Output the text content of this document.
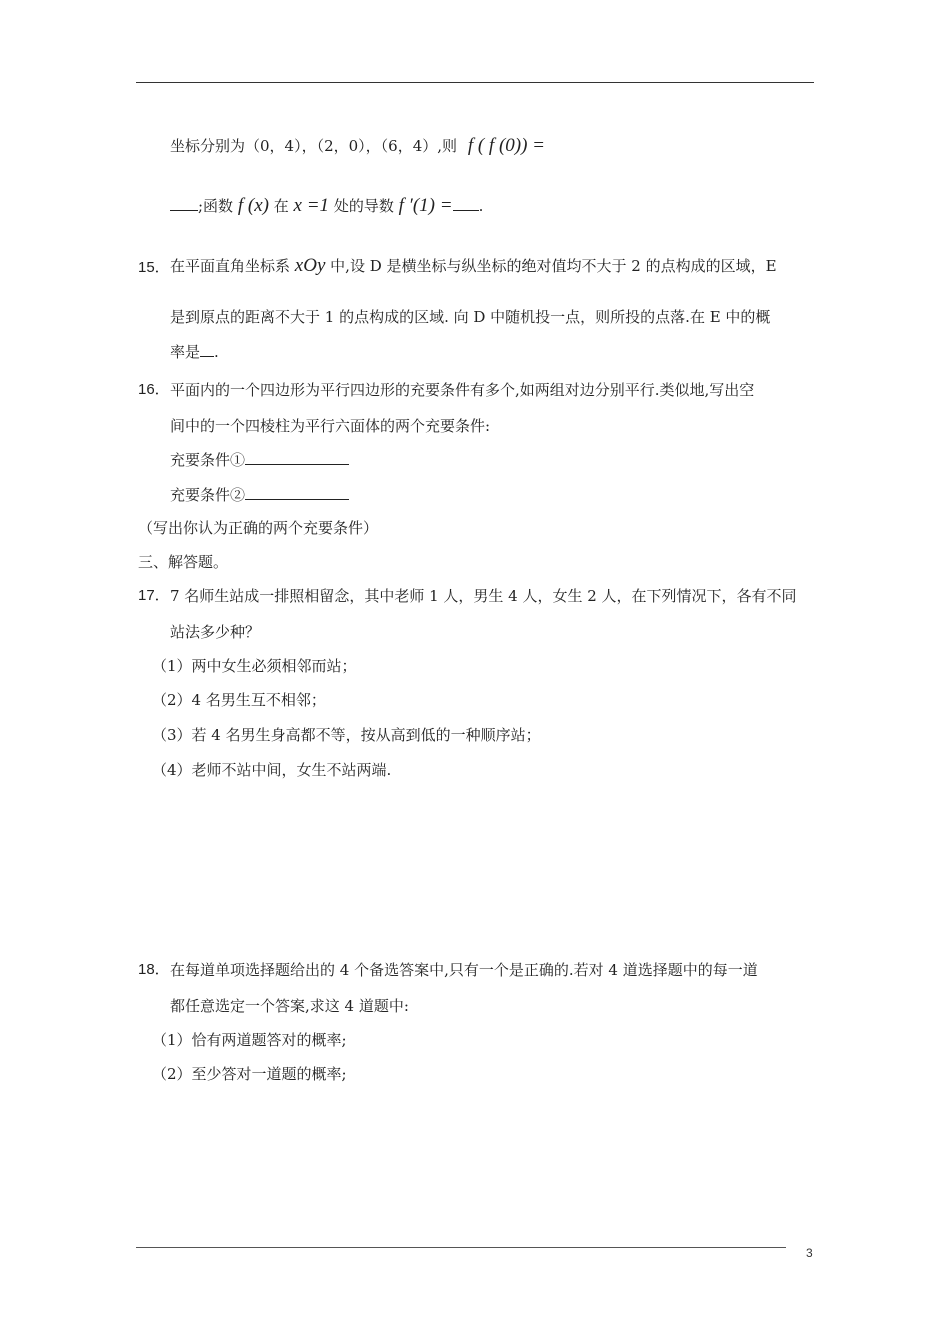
坐标分别为（0，4），（2，0），（6，4）,则 f ( f (0)) =
;函数 f (x) 在 x =1 处的导数 f ′(1) = .
15． 在平面直角坐标系 xOy 中,设 D 是横坐标与纵坐标的绝对值均不大于 2 的点构成的区域，E
是到原点的距离不大于 1 的点构成的区域. 向 D 中随机投一点，则所投的点落.在 E 中的概
率是 .
16． 平面内的一个四边形为平行四边形的充要条件有多个,如两组对边分别平行.类似地,写出空
间中的一个四棱柱为平行六面体的两个充要条件:
充要条件①
充要条件②
（写出你认为正确的两个充要条件）
三、解答题。
17． 7 名师生站成一排照相留念，其中老师 1 人，男生 4 人，女生 2 人，在下列情况下，各有不同
站法多少种？
（1）两中女生必须相邻而站；
（2）4 名男生互不相邻；
（3）若 4 名男生身高都不等，按从高到低的一种顺序站；
（4）老师不站中间，女生不站两端.
18． 在每道单项选择题给出的 4 个备选答案中,只有一个是正确的.若对 4 道选择题中的每一道
都任意选定一个答案,求这 4 道题中:
（1）恰有两道题答对的概率;
（2）至少答对一道题的概率;
3
